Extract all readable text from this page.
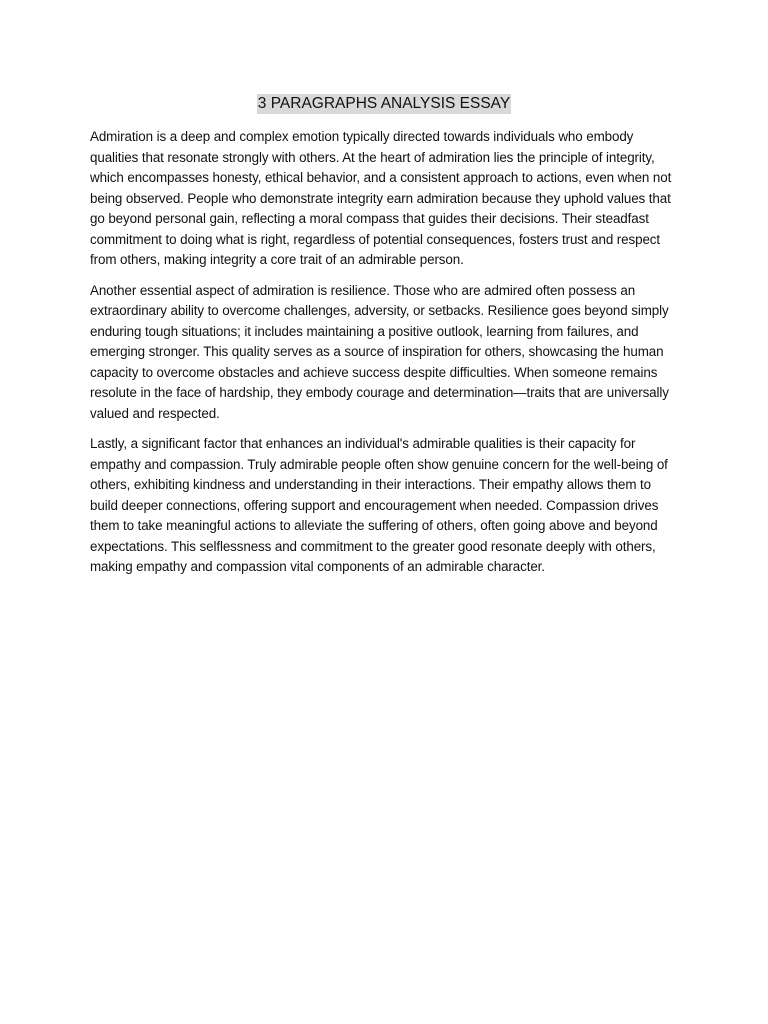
3 PARAGRAPHS ANALYSIS ESSAY

Admiration is a deep and complex emotion typically directed towards individuals who embody qualities that resonate strongly with others. At the heart of admiration lies the principle of integrity, which encompasses honesty, ethical behavior, and a consistent approach to actions, even when not being observed. People who demonstrate integrity earn admiration because they uphold values that go beyond personal gain, reflecting a moral compass that guides their decisions. Their steadfast commitment to doing what is right, regardless of potential consequences, fosters trust and respect from others, making integrity a core trait of an admirable person.

Another essential aspect of admiration is resilience. Those who are admired often possess an extraordinary ability to overcome challenges, adversity, or setbacks. Resilience goes beyond simply enduring tough situations; it includes maintaining a positive outlook, learning from failures, and emerging stronger. This quality serves as a source of inspiration for others, showcasing the human capacity to overcome obstacles and achieve success despite difficulties. When someone remains resolute in the face of hardship, they embody courage and determination—traits that are universally valued and respected.

Lastly, a significant factor that enhances an individual's admirable qualities is their capacity for empathy and compassion. Truly admirable people often show genuine concern for the well-being of others, exhibiting kindness and understanding in their interactions. Their empathy allows them to build deeper connections, offering support and encouragement when needed. Compassion drives them to take meaningful actions to alleviate the suffering of others, often going above and beyond expectations. This selflessness and commitment to the greater good resonate deeply with others, making empathy and compassion vital components of an admirable character.
